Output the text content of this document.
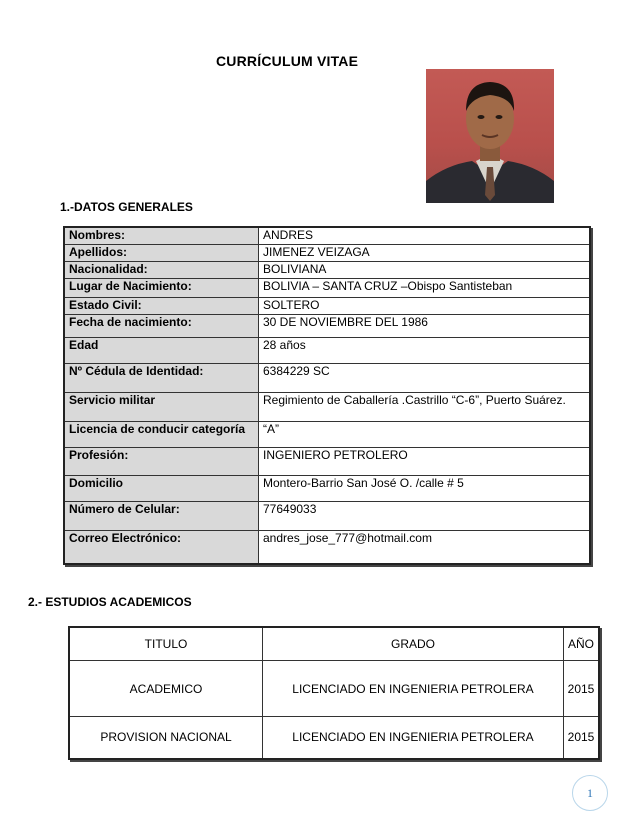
CURRÍCULUM VITAE
1.-DATOS GENERALES
Nombres:	ANDRES
Apellidos:	JIMENEZ VEIZAGA
Nacionalidad:	BOLIVIANA
Lugar de Nacimiento:	BOLIVIA – SANTA CRUZ –Obispo Santisteban
Estado Civil:	SOLTERO
Fecha de nacimiento:	30 DE NOVIEMBRE DEL 1986
Edad	28 años
Nº Cédula de Identidad:	6384229 SC
Servicio militar	Regimiento de Caballería .Castrillo “C-6”, Puerto Suárez.
Licencia de conducir categoría	“A”
Profesión:	INGENIERO PETROLERO
Domicilio	Montero-Barrio San José O. /calle # 5
Número de Celular:	77649033
Correo Electrónico:	andres_jose_777@hotmail.com
2.- ESTUDIOS ACADEMICOS
TITULO	GRADO	AÑO
ACADEMICO	LICENCIADO EN INGENIERIA PETROLERA	2015
PROVISION NACIONAL	LICENCIADO EN INGENIERIA PETROLERA	2015
1
